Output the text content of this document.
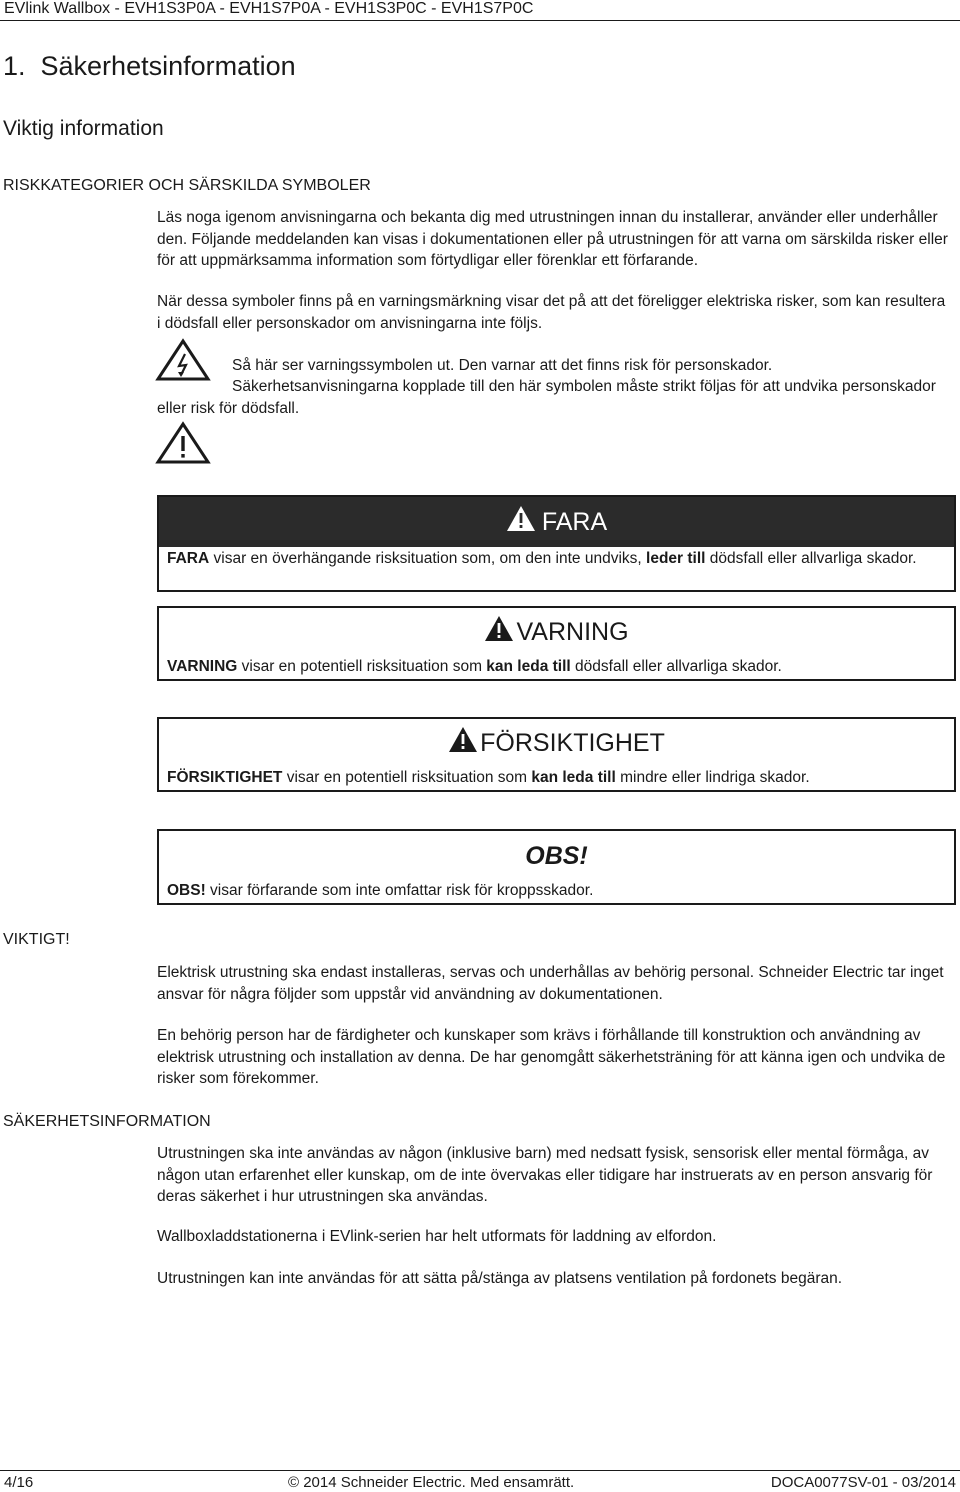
EVlink Wallbox - EVH1S3P0A - EVH1S7P0A - EVH1S3P0C - EVH1S7P0C
1.  Säkerhetsinformation
Viktig information
RISKKATEGORIER OCH SÄRSKILDA SYMBOLER
Läs noga igenom anvisningarna och bekanta dig med utrustningen innan du installerar, använder eller underhåller den. Följande meddelanden kan visas i dokumentationen eller på utrustningen för att varna om särskilda risker eller för att uppmärksamma information som förtydligar eller förenklar ett förfarande.
När dessa symboler finns på en varningsmärkning visar det på att det föreligger elektriska risker, som kan resultera i dödsfall eller personskador om anvisningarna inte följs.
Så här ser varningssymbolen ut. Den varnar att det finns risk för personskador.
Säkerhetsanvisningarna kopplade till den här symbolen måste strikt följas för att undvika personskador eller risk för dödsfall.
FARA
FARA visar en överhängande risksituation som, om den inte undviks, leder till dödsfall eller allvarliga skador.
VARNING
VARNING visar en potentiell risksituation som kan leda till dödsfall eller allvarliga skador.
FÖRSIKTIGHET
FÖRSIKTIGHET visar en potentiell risksituation som kan leda till mindre eller lindriga skador.
OBS!
OBS! visar förfarande som inte omfattar risk för kroppsskador.
VIKTIGT!
Elektrisk utrustning ska endast installeras, servas och underhållas av behörig personal. Schneider Electric tar inget ansvar för några följder som uppstår vid användning av dokumentationen.
En behörig person har de färdigheter och kunskaper som krävs i förhållande till konstruktion och användning av elektrisk utrustning och installation av denna. De har genomgått säkerhetsträning för att känna igen och undvika de risker som förekommer.
SÄKERHETSINFORMATION
Utrustningen ska inte användas av någon (inklusive barn) med nedsatt fysisk, sensorisk eller mental förmåga, av någon utan erfarenhet eller kunskap, om de inte övervakas eller tidigare har instruerats av en person ansvarig för deras säkerhet i hur utrustningen ska användas.
Wallboxladdstationerna i EVlink-serien har helt utformats för laddning av elfordon.
Utrustningen kan inte användas för att sätta på/stänga av platsens ventilation på fordonets begäran.
4/16	© 2014 Schneider Electric. Med ensamrätt.	DOCA0077SV-01 - 03/2014
